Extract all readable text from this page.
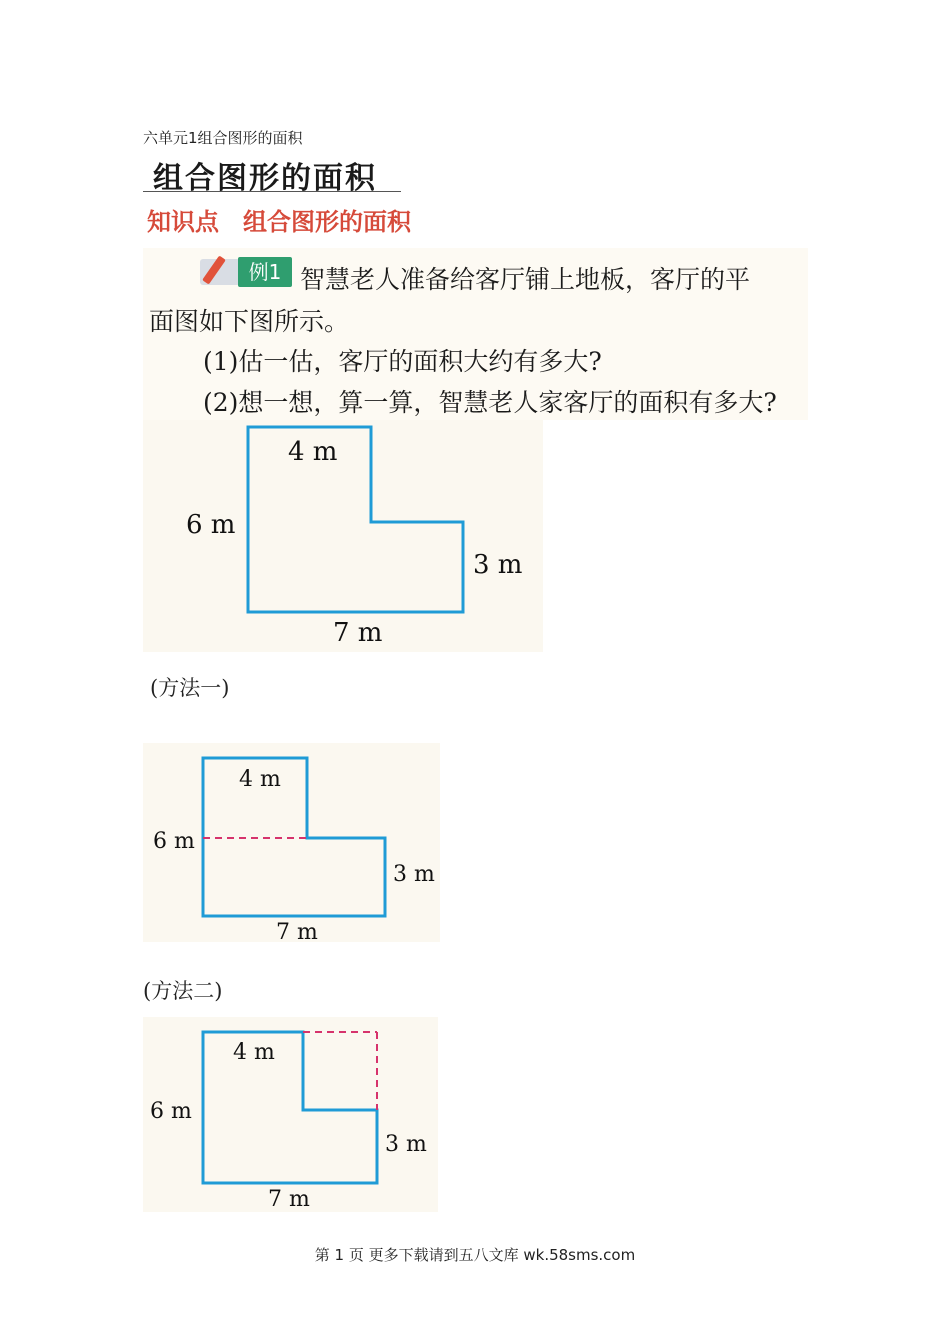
六单元1组合图形的面积
组合图形的面积
知识点 组合图形的面积
例1 智慧老人准备给客厅铺上地板，客厅的平
面图如下图所示。
(1)估一估，客厅的面积大约有多大?
(2)想一想，算一算，智慧老人家客厅的面积有多大?
4 m
6 m
3 m
7 m
(方法一)
4 m
6 m
3 m
7 m
(方法二)
4 m
6 m
3 m
7 m
第 1 页 更多下载请到五八文库 wk.58sms.com
